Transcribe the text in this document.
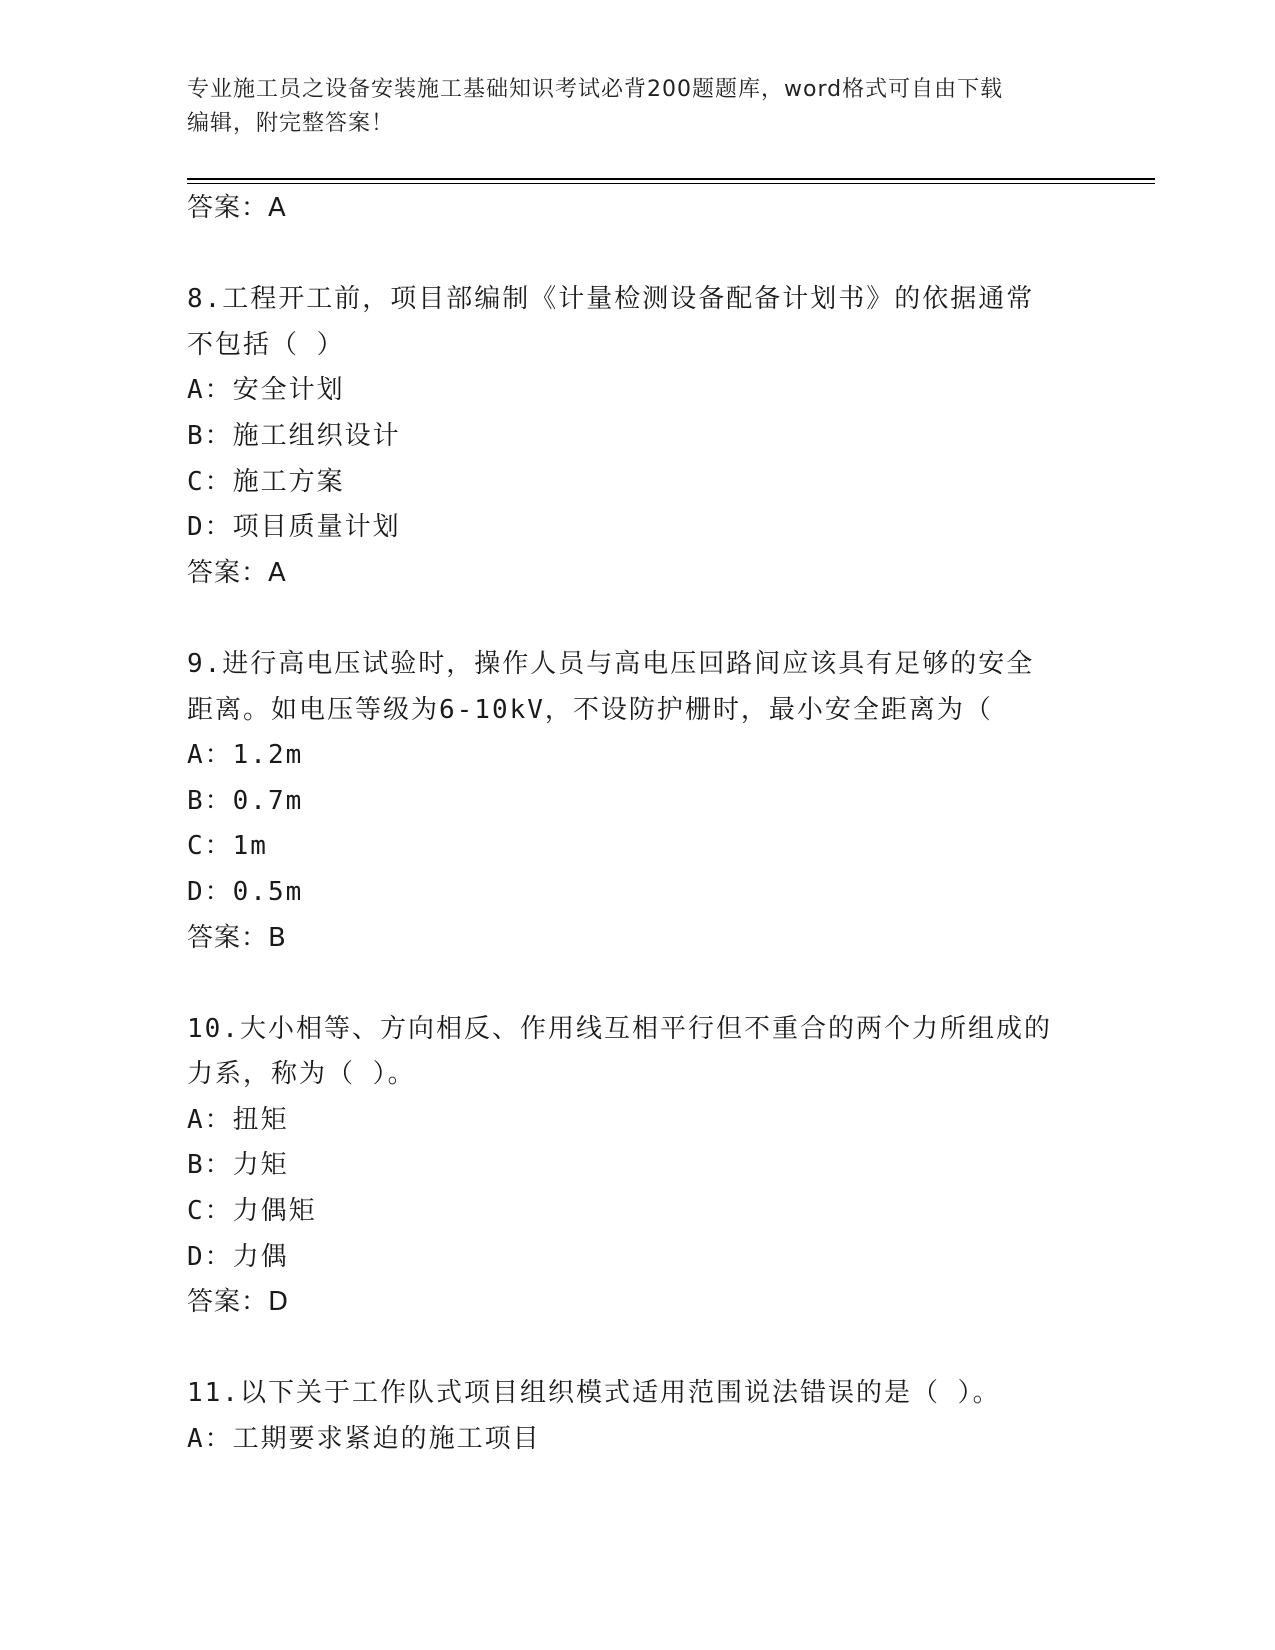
专业施工员之设备安装施工基础知识考试必背200题题库，word格式可自由下载
编辑，附完整答案！
答案：A
8.工程开工前，项目部编制《计量检测设备配备计划书》的依据通常
不包括（ ）
A：安全计划
B：施工组织设计
C：施工方案
D：项目质量计划
答案：A
9.进行高电压试验时，操作人员与高电压回路间应该具有足够的安全
距离。如电压等级为6-10kV，不设防护栅时，最小安全距离为（
A：1.2m
B：0.7m
C：1m
D：0.5m
答案：B
10.大小相等、方向相反、作用线互相平行但不重合的两个力所组成的
力系，称为（ ）。
A：扭矩
B：力矩
C：力偶矩
D：力偶
答案：D
11.以下关于工作队式项目组织模式适用范围说法错误的是（ ）。
A：工期要求紧迫的施工项目
